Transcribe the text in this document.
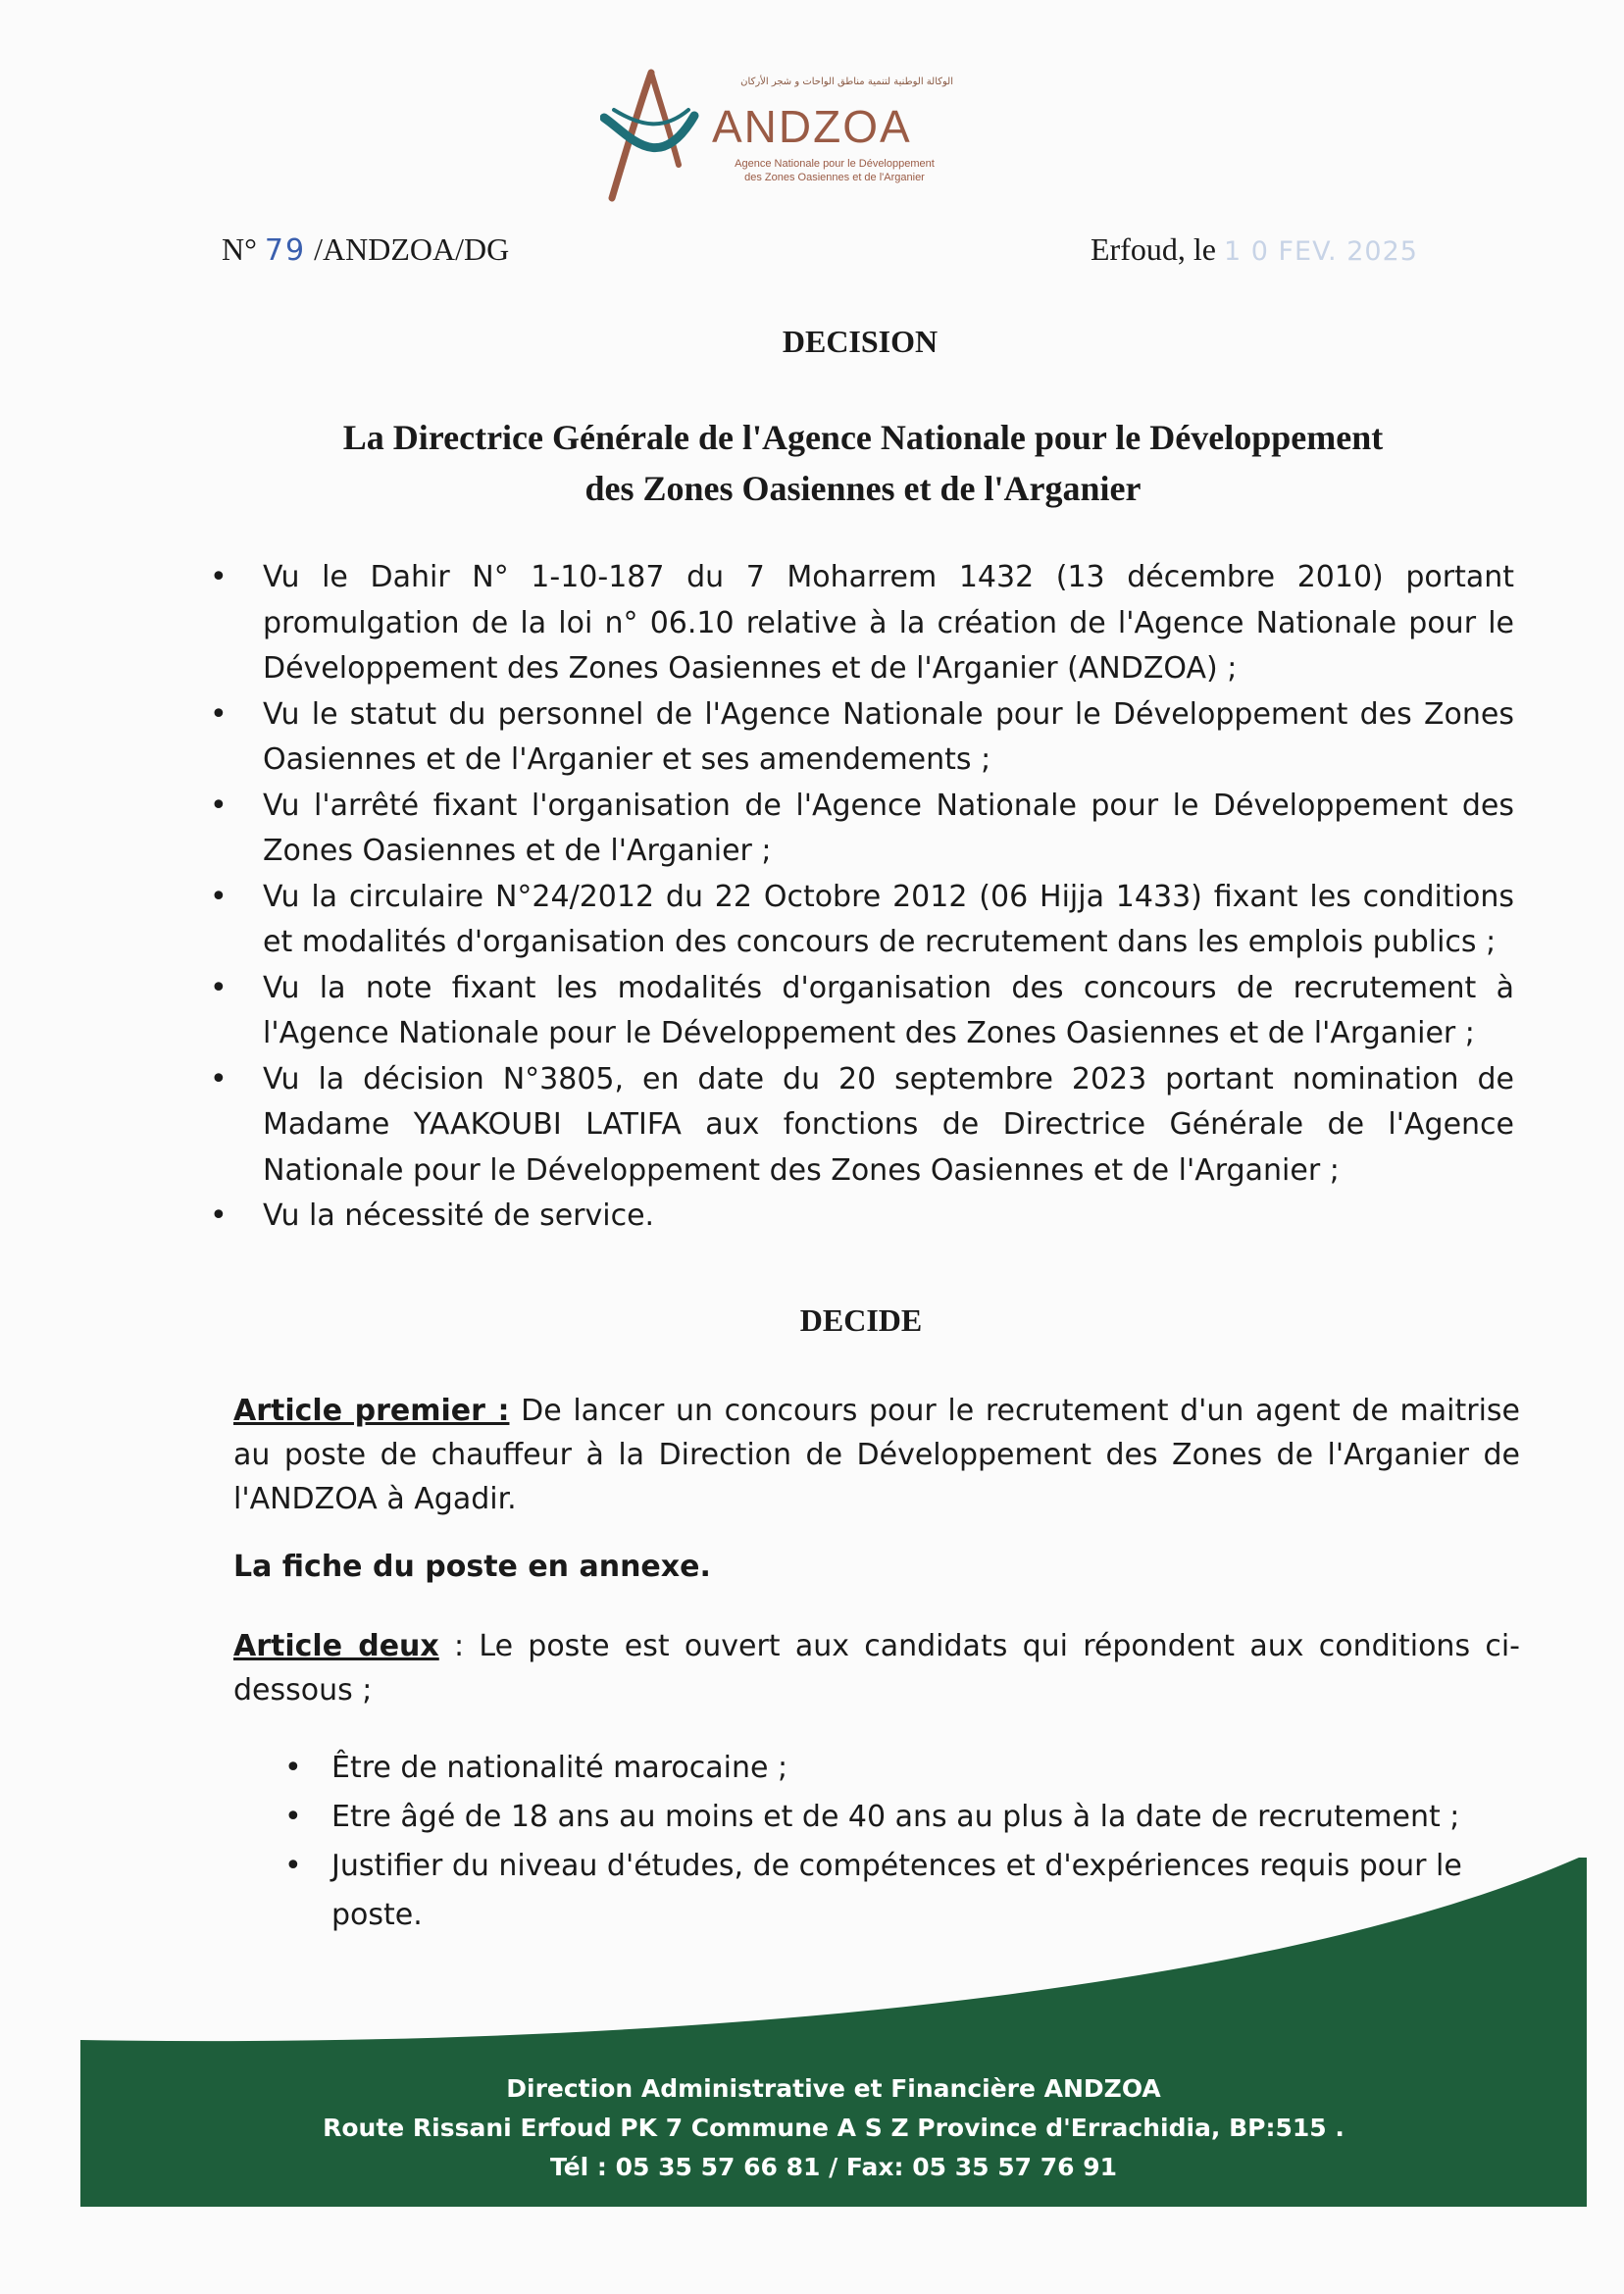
الوكالة الوطنية لتنمية مناطق الواحات و شجر الأركان
ANDZOA
Agence Nationale pour le Développement
des Zones Oasiennes et de l'Arganier
N° 79 /ANDZOA/DG	Erfoud, le 1 0 FEV. 2025
DECISION
La Directrice Générale de l'Agence Nationale pour le Développement
des Zones Oasiennes et de l'Arganier
• Vu le Dahir N° 1-10-187 du 7 Moharrem 1432 (13 décembre 2010) portant promulgation de la loi n° 06.10 relative à la création de l'Agence Nationale pour le Développement des Zones Oasiennes et de l'Arganier (ANDZOA) ;
• Vu le statut du personnel de l'Agence Nationale pour le Développement des Zones Oasiennes et de l'Arganier et ses amendements ;
• Vu l'arrêté fixant l'organisation de l'Agence Nationale pour le Développement des Zones Oasiennes et de l'Arganier ;
• Vu la circulaire N°24/2012 du 22 Octobre 2012 (06 Hijja 1433) fixant les conditions et modalités d'organisation des concours de recrutement dans les emplois publics ;
• Vu la note fixant les modalités d'organisation des concours de recrutement à l'Agence Nationale pour le Développement des Zones Oasiennes et de l'Arganier ;
• Vu la décision N°3805, en date du 20 septembre 2023 portant nomination de Madame YAAKOUBI LATIFA aux fonctions de Directrice Générale de l'Agence Nationale pour le Développement des Zones Oasiennes et de l'Arganier ;
• Vu la nécessité de service.
DECIDE
Article premier : De lancer un concours pour le recrutement d'un agent de maitrise au poste de chauffeur à la Direction de Développement des Zones de l'Arganier de l'ANDZOA à Agadir.
La fiche du poste en annexe.
Article deux : Le poste est ouvert aux candidats qui répondent aux conditions ci-dessous ;
• Être de nationalité marocaine ;
• Etre âgé de 18 ans au moins et de 40 ans au plus à la date de recrutement ;
• Justifier du niveau d'études, de compétences et d'expériences requis pour le poste.
Direction Administrative et Financière ANDZOA
Route Rissani Erfoud PK 7 Commune A S Z Province d'Errachidia, BP:515 .
Tél : 05 35 57 66 81 / Fax: 05 35 57 76 91
